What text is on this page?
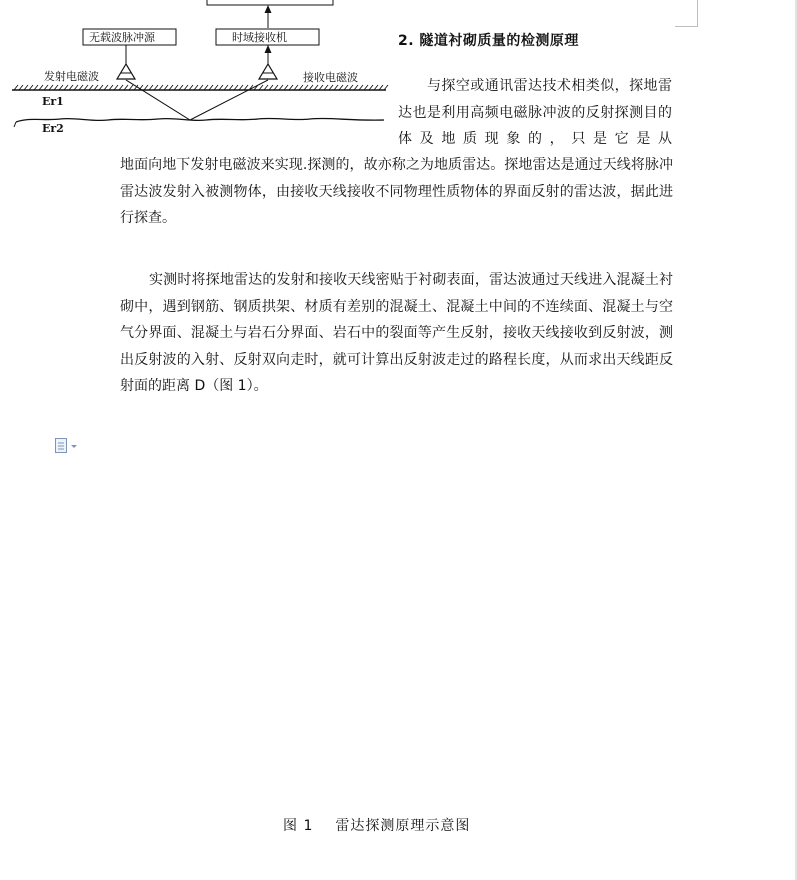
无载波脉冲源	时域接收机
发射电磁波	接收电磁波
Er1
Er2
2. 隧道衬砌质量的检测原理

与探空或通讯雷达技术相类似，探地雷达也是利用高频电磁脉冲波的反射探测目的体及地质现象的，只是它是从

地面向地下发射电磁波来实现.探测的，故亦称之为地质雷达。探地雷达是通过天线将脉冲雷达波发射入被测物体，由接收天线接收不同物理性质物体的界面反射的雷达波，据此进行探查。

实测时将探地雷达的发射和接收天线密贴于衬砌表面，雷达波通过天线进入混凝土衬砌中，遇到钢筋、钢质拱架、材质有差别的混凝土、混凝土中间的不连续面、混凝土与空气分界面、混凝土与岩石分界面、岩石中的裂面等产生反射，接收天线接收到反射波，测出反射波的入射、反射双向走时，就可计算出反射波走过的路程长度，从而求出天线距反射面的距离 D（图 1）。

图 1 雷达探测原理示意图
